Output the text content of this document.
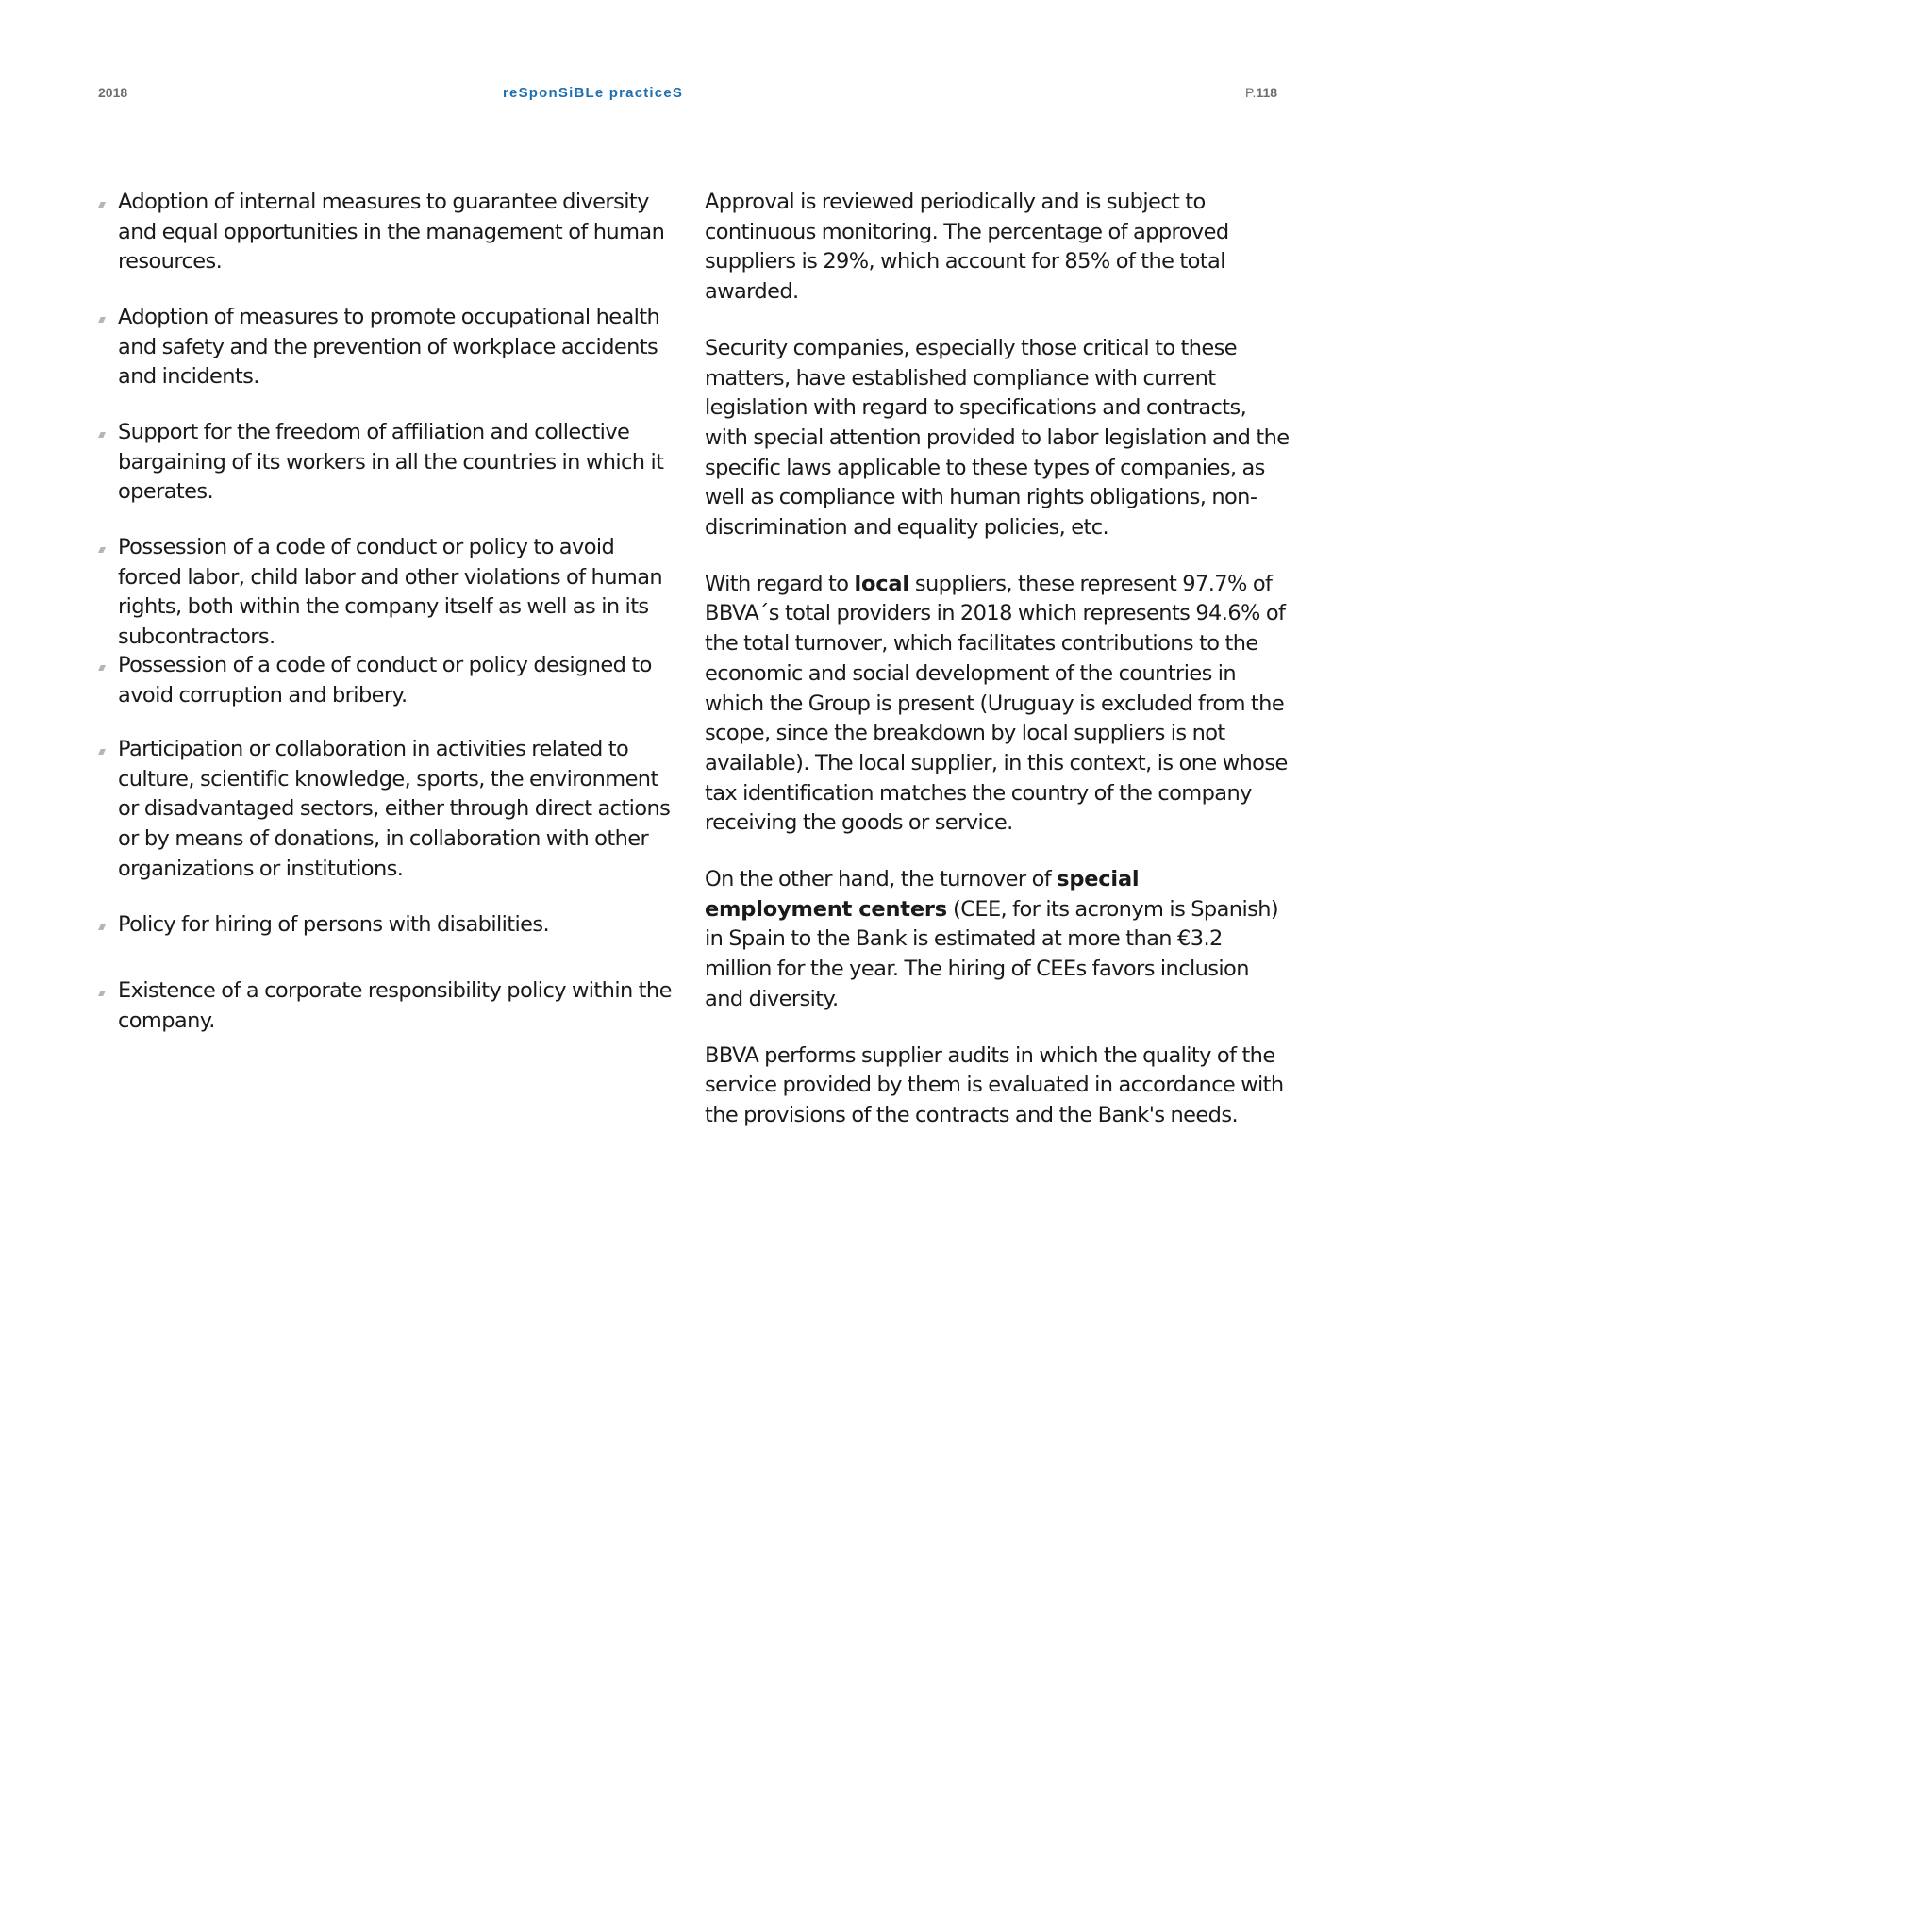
2018	reSponSiBLe practiceS	P.118
Adoption of internal measures to guarantee diversity and equal opportunities in the management of human resources.
Adoption of measures to promote occupational health and safety and the prevention of workplace accidents and incidents.
Support for the freedom of affiliation and collective bargaining of its workers in all the countries in which it operates.
Possession of a code of conduct or policy to avoid forced labor, child labor and other violations of human rights, both within the company itself as well as in its subcontractors.
Possession of a code of conduct or policy designed to avoid corruption and bribery.
Participation or collaboration in activities related to culture, scientific knowledge, sports, the environment or disadvantaged sectors, either through direct actions or by means of donations, in collaboration with other organizations or institutions.
Policy for hiring of persons with disabilities.
Existence of a corporate responsibility policy within the company.

Approval is reviewed periodically and is subject to continuous monitoring. The percentage of approved suppliers is 29%, which account for 85% of the total awarded.

Security companies, especially those critical to these matters, have established compliance with current legislation with regard to specifications and contracts, with special attention provided to labor legislation and the specific laws applicable to these types of companies, as well as compliance with human rights obligations, non-discrimination and equality policies, etc.

With regard to local suppliers, these represent 97.7% of BBVA´s total providers in 2018 which represents 94.6% of the total turnover, which facilitates contributions to the economic and social development of the countries in which the Group is present (Uruguay is excluded from the scope, since the breakdown by local suppliers is not available). The local supplier, in this context, is one whose tax identification matches the country of the company receiving the goods or service.

On the other hand, the turnover of special employment centers (CEE, for its acronym is Spanish) in Spain to the Bank is estimated at more than €3.2 million for the year. The hiring of CEEs favors inclusion and diversity.

BBVA performs supplier audits in which the quality of the service provided by them is evaluated in accordance with the provisions of the contracts and the Bank's needs.
